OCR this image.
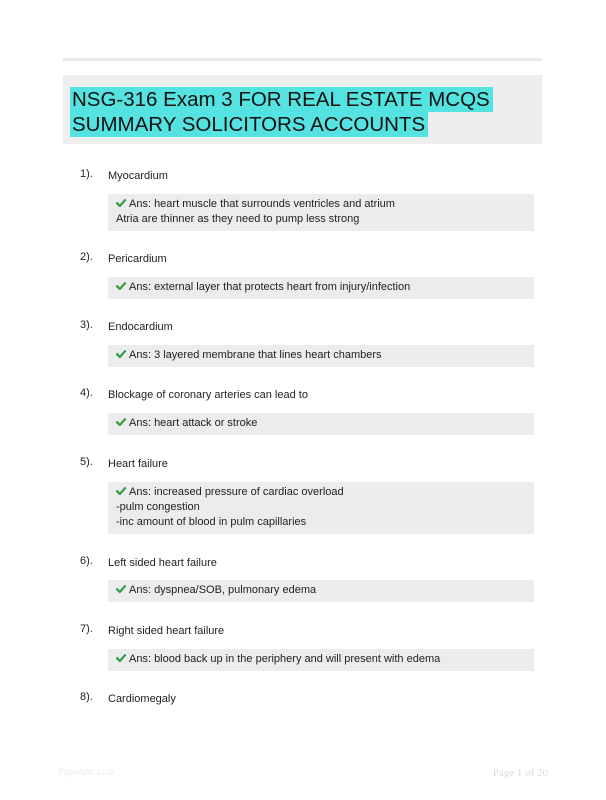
NSG-316 Exam 3 FOR REAL ESTATE MCQS
SUMMARY SOLICITORS ACCOUNTS
1). Myocardium
Ans: heart muscle that surrounds ventricles and atrium
Atria are thinner as they need to pump less strong
2). Pericardium
Ans: external layer that protects heart from injury/infection
3). Endocardium
Ans: 3 layered membrane that lines heart chambers
4). Blockage of coronary arteries can lead to
Ans: heart attack or stroke
5). Heart failure
Ans: increased pressure of cardiac overload
-pulm congestion
-inc amount of blood in pulm capillaries
6). Left sided heart failure
Ans: dyspnea/SOB, pulmonary edema
7). Right sided heart failure
Ans: blood back up in the periphery and will present with edema
8). Cardiomegaly
Paperbbc.com	Page 1 of 20
